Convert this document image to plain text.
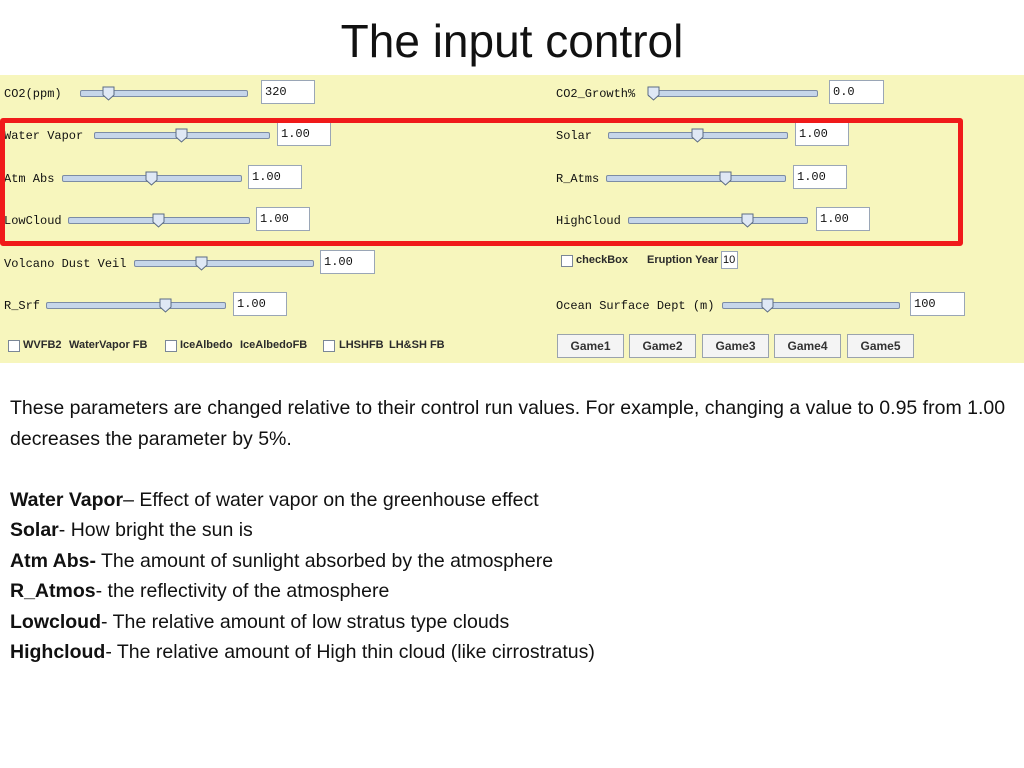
The input control
CO2(ppm)	320	CO2_Growth%	0.0
Water Vapor	1.00	Solar	1.00
Atm Abs	1.00	R_Atms	1.00
LowCloud	1.00	HighCloud	1.00
Volcano Dust Veil	1.00	checkBox Eruption Year 10
R_Srf	1.00	Ocean Surface Dept (m)	100
WVFB2 WaterVapor FB	IceAlbedo IceAlbedoFB	LHSHFB LH&SH FB	Game1	Game2	Game3	Game4	Game5

These parameters are changed relative to their control run values. For example, changing a value to 0.95 from 1.00 decreases the parameter by 5%.

Water Vapor– Effect of water vapor on the greenhouse effect

Solar- How bright the sun is

Atm Abs- The amount of sunlight absorbed by the atmosphere

R_Atmos- the reflectivity of the atmosphere

Lowcloud- The relative amount of low stratus type clouds

Highcloud- The relative amount of High thin cloud (like cirrostratus)
